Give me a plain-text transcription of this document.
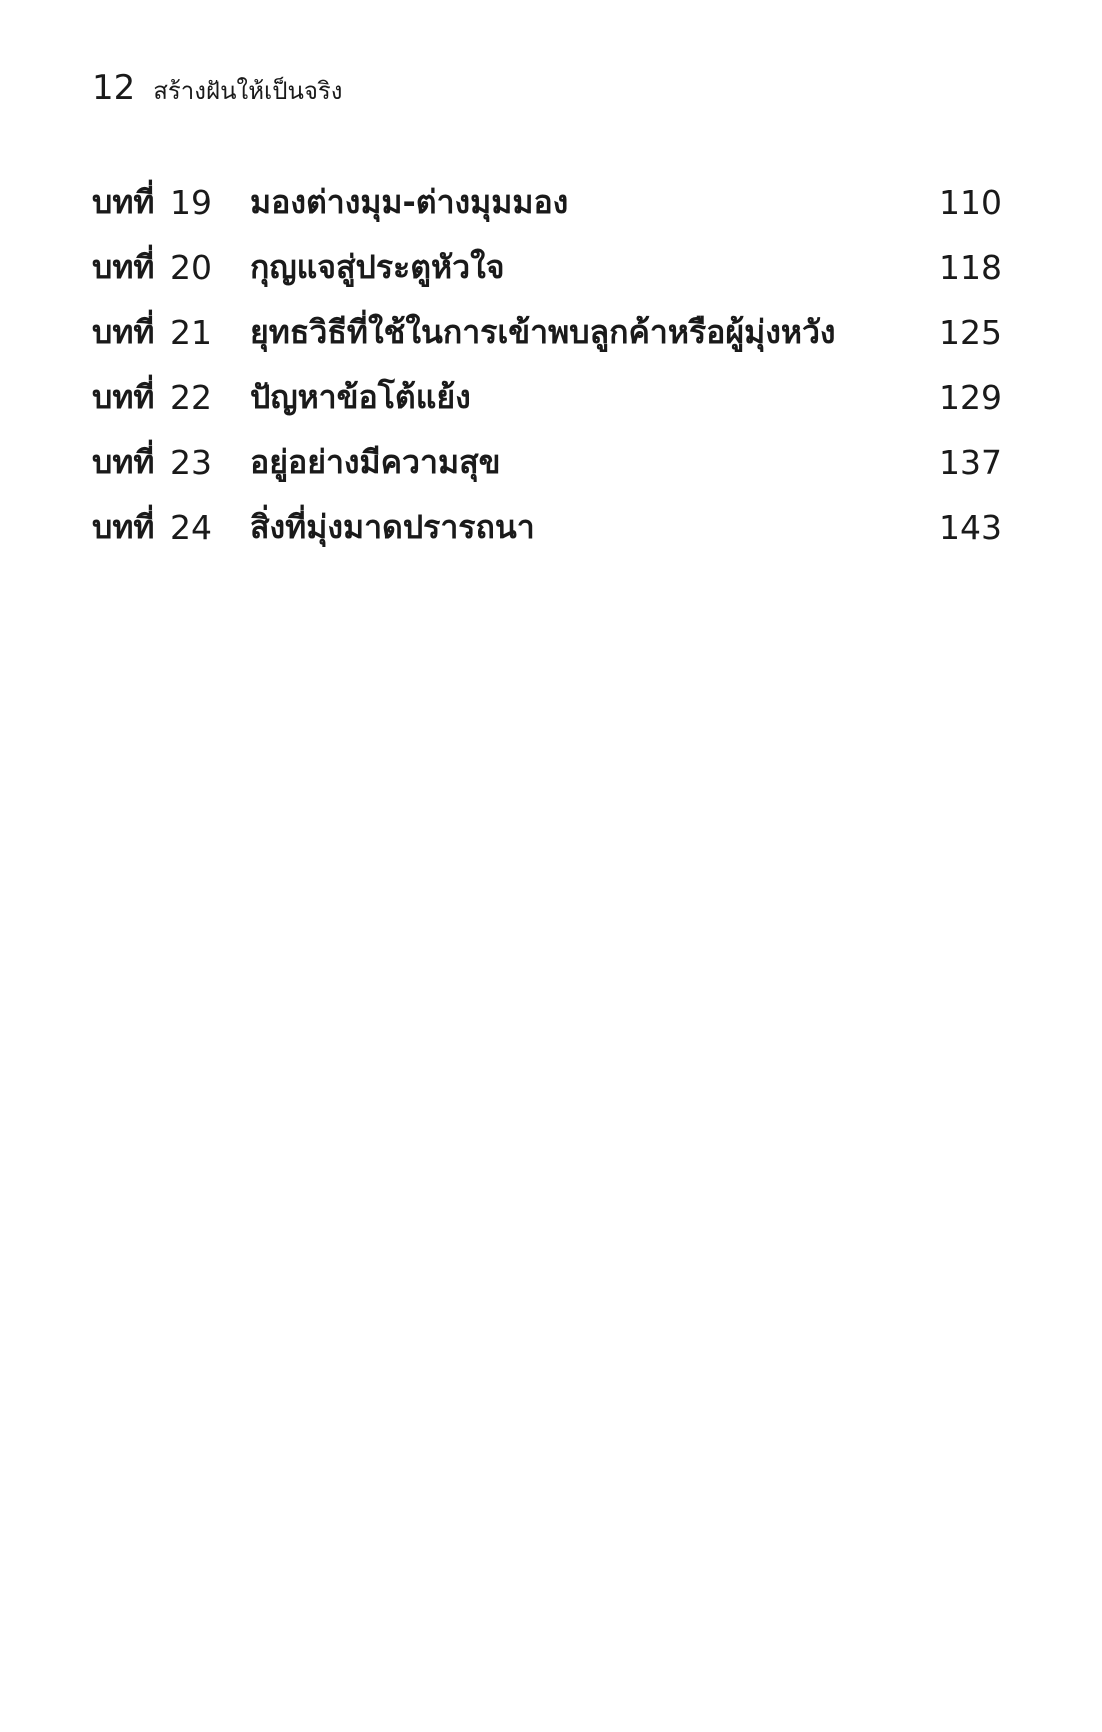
12 สร้างฝันให้เป็นจริง
บทที่ 19	มองต่างมุม-ต่างมุมมอง	110
บทที่ 20	กุญแจสู่ประตูหัวใจ	118
บทที่ 21	ยุทธวิธีที่ใช้ในการเข้าพบลูกค้าหรือผู้มุ่งหวัง	125
บทที่ 22	ปัญหาข้อโต้แย้ง	129
บทที่ 23	อยู่อย่างมีความสุข	137
บทที่ 24	สิ่งที่มุ่งมาดปรารถนา	143
